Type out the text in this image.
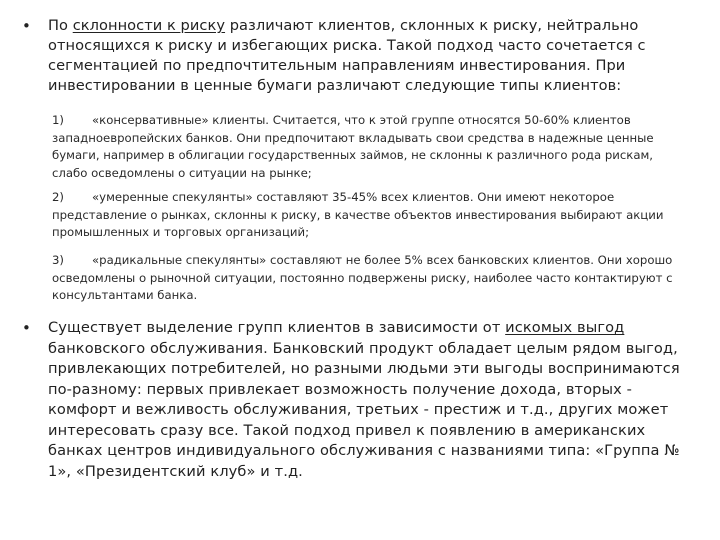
• По склонности к риску различают клиентов, склонных к риску, нейтрально относящихся к риску и избегающих риска. Такой подход часто сочетается с сегментацией по предпочтительным направлениям инвестирования. При инвестировании в ценные бумаги различают следующие типы клиентов:
1) «консервативные» клиенты. Считается, что к этой группе относятся 50-60% клиентов западноевропейских банков. Они предпочитают вкладывать свои средства в надежные ценные бумаги, например в облигации государственных займов, не склонны к различного рода рискам, слабо осведомлены о ситуации на рынке;
2) «умеренные спекулянты» составляют 35-45% всех клиентов. Они имеют некоторое представление о рынках, склонны к риску, в качестве объектов инвестирования выбирают акции промышленных и торговых организаций;
3) «радикальные спекулянты» составляют не более 5% всех банковских клиентов. Они хорошо осведомлены о рыночной ситуации, постоянно подвержены риску, наиболее часто контактируют с консультантами банка.
• Существует выделение групп клиентов в зависимости от искомых выгод банковского обслуживания. Банковский продукт обладает целым рядом выгод, привлекающих потребителей, но разными людьми эти выгоды воспринимаются по-разному: первых привлекает возможность получение дохода, вторых - комфорт и вежливость обслуживания, третьих - престиж и т.д., других может интересовать сразу все. Такой подход привел к появлению в американских банках центров индивидуального обслуживания с названиями типа: «Группа № 1», «Президентский клуб» и т.д.
